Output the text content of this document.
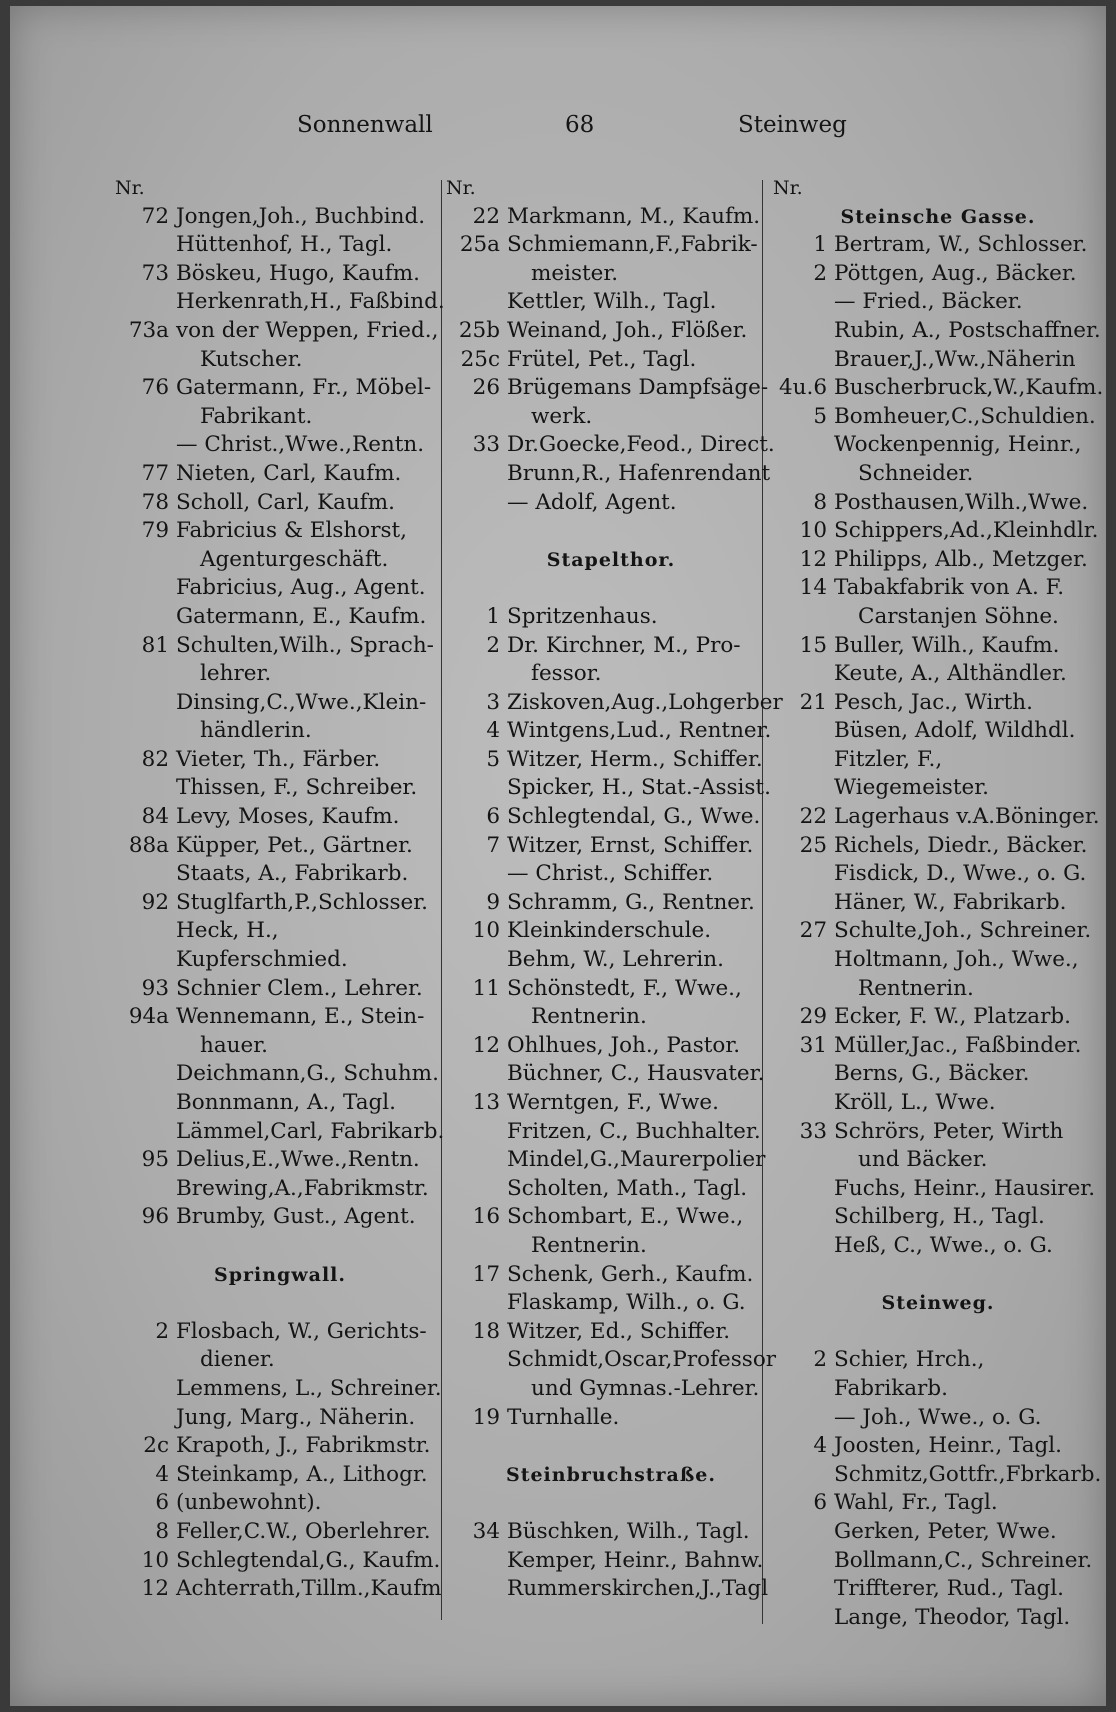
Sonnenwall	68	Steinweg
Nr.
72 Jongen,Joh., Buchbind.
Hüttenhof, H., Tagl.
73 Böskeu, Hugo, Kaufm.
Herkenrath,H., Faßbind.
73a von der Weppen, Fried.,
Kutscher.
76 Gatermann, Fr., Möbel-
Fabrikant.
— Christ.,Wwe.,Rentn.
77 Nieten, Carl, Kaufm.
78 Scholl, Carl, Kaufm.
79 Fabricius & Elshorst,
Agenturgeschäft.
Fabricius, Aug., Agent.
Gatermann, E., Kaufm.
81 Schulten,Wilh., Sprach-
lehrer.
Dinsing,C.,Wwe.,Klein-
händlerin.
82 Vieter, Th., Färber.
Thissen, F., Schreiber.
84 Levy, Moses, Kaufm.
88a Küpper, Pet., Gärtner.
Staats, A., Fabrikarb.
92 Stuglfarth,P.,Schlosser.
Heck, H., Kupferschmied.
93 Schnier Clem., Lehrer.
94a Wennemann, E., Stein-
hauer.
Deichmann,G., Schuhm.
Bonnmann, A., Tagl.
Lämmel,Carl, Fabrikarb.
95 Delius,E.,Wwe.,Rentn.
Brewing,A.,Fabrikmstr.
96 Brumby, Gust., Agent.
Springwall.
2 Flosbach, W., Gerichts-
diener.
Lemmens, L., Schreiner.
Jung, Marg., Näherin.
2c Krapoth, J., Fabrikmstr.
4 Steinkamp, A., Lithogr.
6 (unbewohnt).
8 Feller,C.W., Oberlehrer.
10 Schlegtendal,G., Kaufm.
12 Achterrath,Tillm.,Kaufm
Nr.
22 Markmann, M., Kaufm.
25a Schmiemann,F.,Fabrik-
meister.
Kettler, Wilh., Tagl.
25b Weinand, Joh., Flößer.
25c Frütel, Pet., Tagl.
26 Brügemans Dampfsäge-
werk.
33 Dr.Goecke,Feod., Direct.
Brunn,R., Hafenrendant
— Adolf, Agent.
Stapelthor.
1 Spritzenhaus.
2 Dr. Kirchner, M., Pro-
fessor.
3 Ziskoven,Aug.,Lohgerber
4 Wintgens,Lud., Rentner.
5 Witzer, Herm., Schiffer.
Spicker, H., Stat.-Assist.
6 Schlegtendal, G., Wwe.
7 Witzer, Ernst, Schiffer.
— Christ., Schiffer.
9 Schramm, G., Rentner.
10 Kleinkinderschule.
Behm, W., Lehrerin.
11 Schönstedt, F., Wwe.,
Rentnerin.
12 Ohlhues, Joh., Pastor.
Büchner, C., Hausvater.
13 Werntgen, F., Wwe.
Fritzen, C., Buchhalter.
Mindel,G.,Maurerpolier
Scholten, Math., Tagl.
16 Schombart, E., Wwe.,
Rentnerin.
17 Schenk, Gerh., Kaufm.
Flaskamp, Wilh., o. G.
18 Witzer, Ed., Schiffer.
Schmidt,Oscar,Professor
und Gymnas.-Lehrer.
19 Turnhalle.
Steinbruchstraße.
34 Büschken, Wilh., Tagl.
Kemper, Heinr., Bahnw.
Rummerskirchen,J.,Tagl
Nr.
Steinsche Gasse.
1 Bertram, W., Schlosser.
2 Pöttgen, Aug., Bäcker.
— Fried., Bäcker.
Rubin, A., Postschaffner.
Brauer,J.,Ww.,Näherin
4u.6 Buscherbruck,W.,Kaufm.
5 Bomheuer,C.,Schuldien.
Wockenpennig, Heinr.,
Schneider.
8 Posthausen,Wilh.,Wwe.
10 Schippers,Ad.,Kleinhdlr.
12 Philipps, Alb., Metzger.
14 Tabakfabrik von A. F.
Carstanjen Söhne.
15 Buller, Wilh., Kaufm.
Keute, A., Althändler.
21 Pesch, Jac., Wirth.
Büsen, Adolf, Wildhdl.
Fitzler, F., Wiegemeister.
22 Lagerhaus v.A.Böninger.
25 Richels, Diedr., Bäcker.
Fisdick, D., Wwe., o. G.
Häner, W., Fabrikarb.
27 Schulte,Joh., Schreiner.
Holtmann, Joh., Wwe.,
Rentnerin.
29 Ecker, F. W., Platzarb.
31 Müller,Jac., Faßbinder.
Berns, G., Bäcker.
Kröll, L., Wwe.
33 Schrörs, Peter, Wirth
und Bäcker.
Fuchs, Heinr., Hausirer.
Schilberg, H., Tagl.
Heß, C., Wwe., o. G.
Steinweg.
2 Schier, Hrch., Fabrikarb.
— Joh., Wwe., o. G.
4 Joosten, Heinr., Tagl.
Schmitz,Gottfr.,Fbrkarb.
6 Wahl, Fr., Tagl.
Gerken, Peter, Wwe.
Bollmann,C., Schreiner.
Triffterer, Rud., Tagl.
Lange, Theodor, Tagl.
